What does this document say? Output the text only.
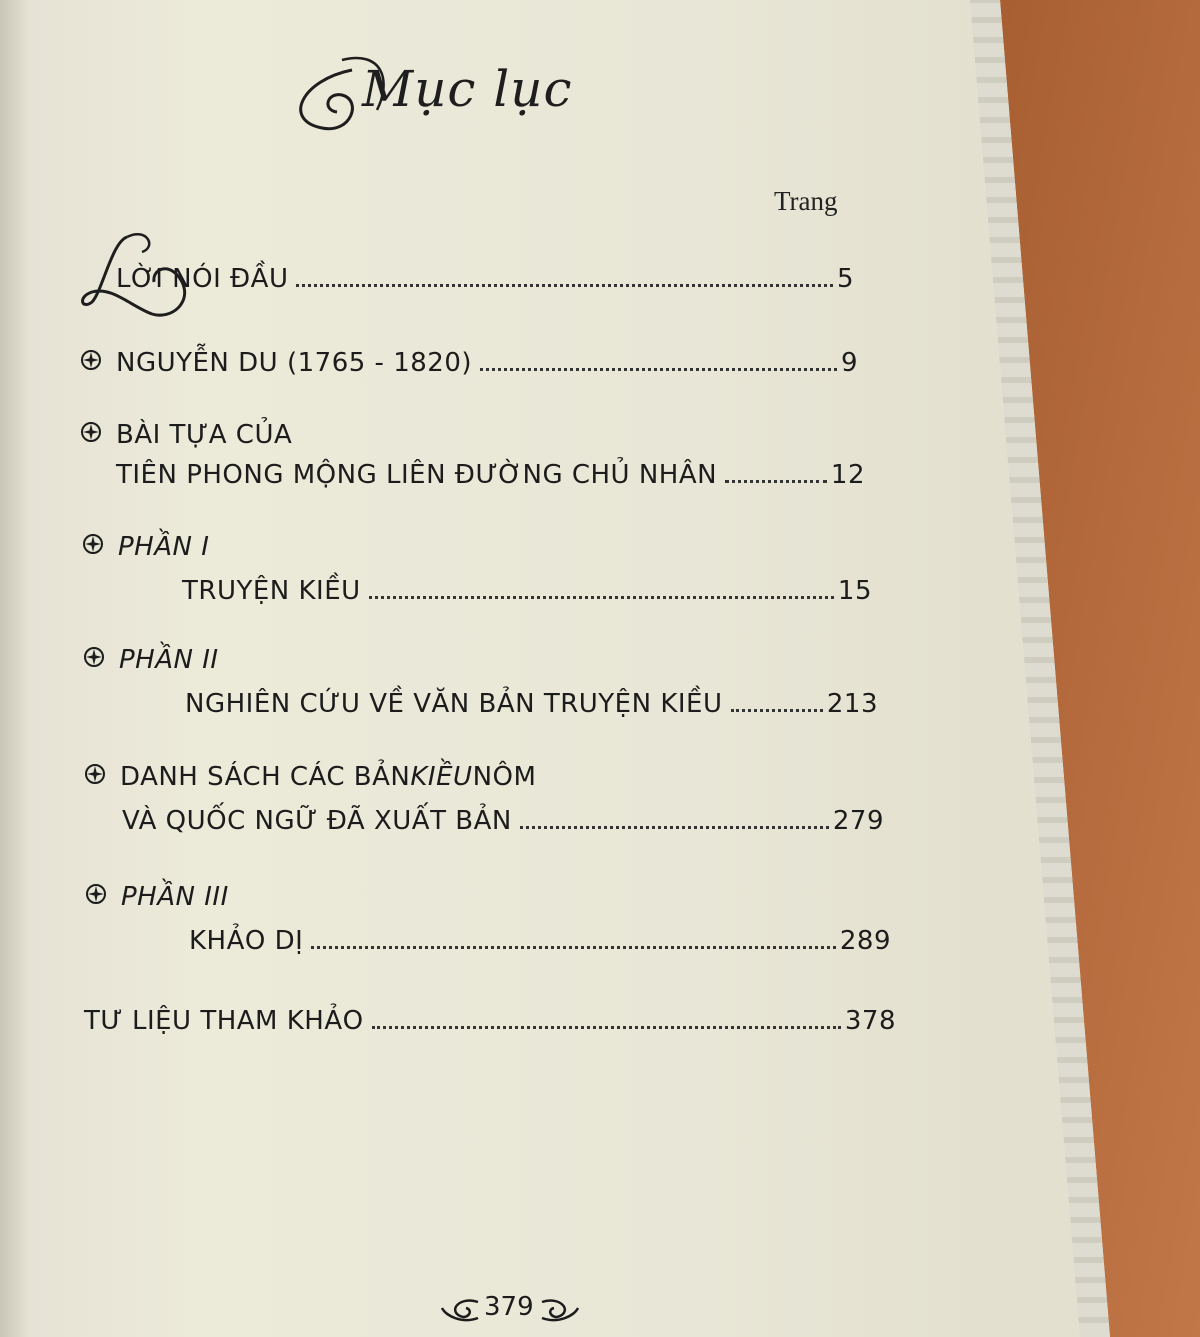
Mục lục
Trang
LỜI NÓI ĐẦU	5
NGUYỄN DU (1765 - 1820)	9
BÀI TỰA CỦA
TIÊN PHONG MỘNG LIÊN ĐƯỜNG CHỦ NHÂN	12
PHẦN I
TRUYỆN KIỀU	15
PHẦN II
NGHIÊN CỨU VỀ VĂN BẢN TRUYỆN KIỀU	213
DANH SÁCH CÁC BẢN KIỀU NÔM
VÀ QUỐC NGỮ ĐÃ XUẤT BẢN	279
PHẦN III
KHẢO DỊ	289
TƯ LIỆU THAM KHẢO	378
379
